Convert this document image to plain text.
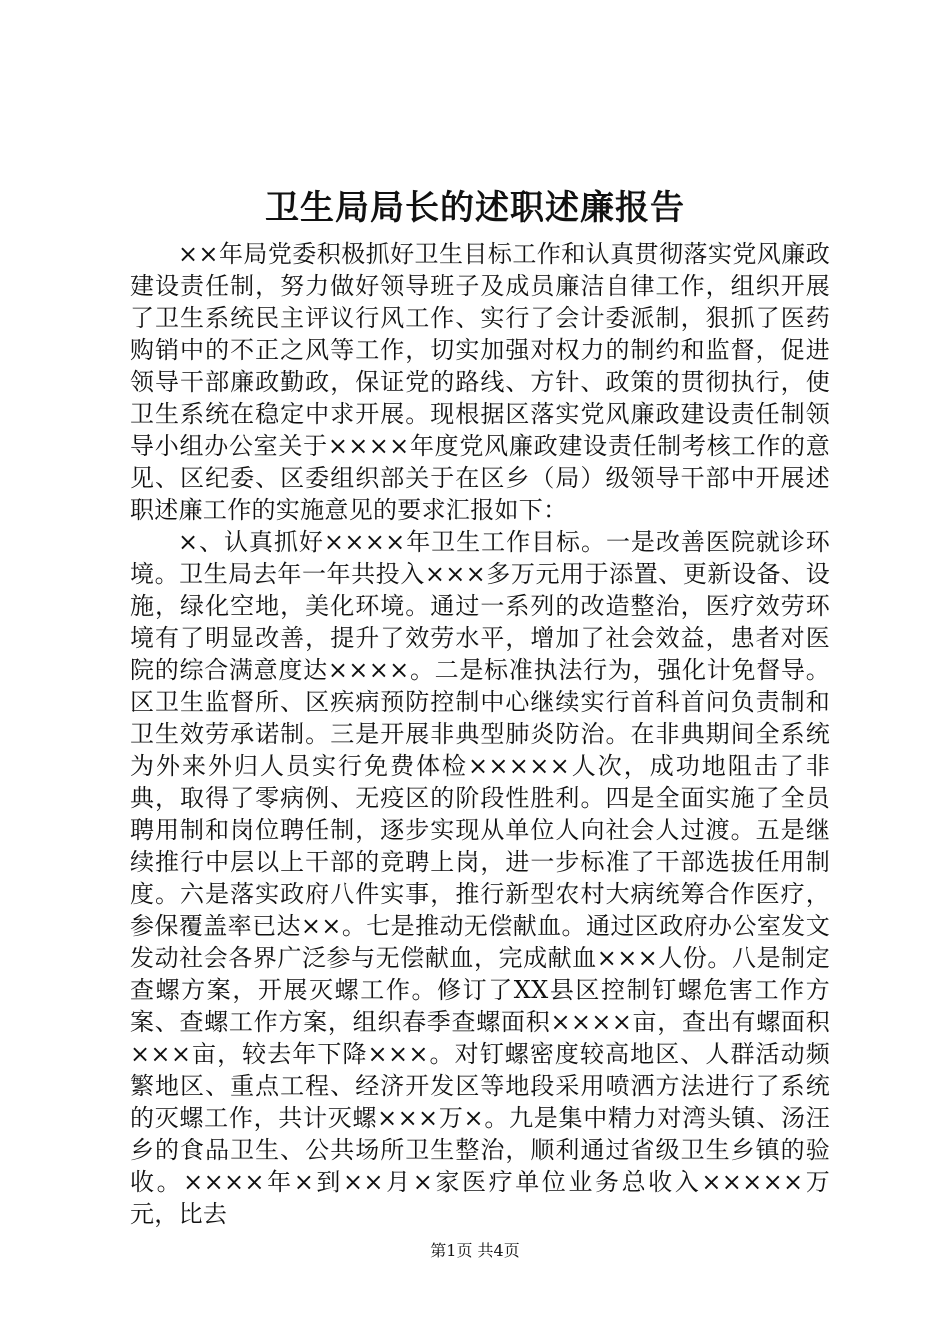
卫生局局长的述职述廉报告

××年局党委积极抓好卫生目标工作和认真贯彻落实党风廉政建设责任制，努力做好领导班子及成员廉洁自律工作，组织开展了卫生系统民主评议行风工作、实行了会计委派制，狠抓了医药购销中的不正之风等工作，切实加强对权力的制约和监督，促进领导干部廉政勤政，保证党的路线、方针、政策的贯彻执行，使卫生系统在稳定中求开展。现根据区落实党风廉政建设责任制领导小组办公室关于××××年度党风廉政建设责任制考核工作的意见、区纪委、区委组织部关于在区乡（局）级领导干部中开展述职述廉工作的实施意见的要求汇报如下：

×、认真抓好××××年卫生工作目标。一是改善医院就诊环境。卫生局去年一年共投入×××多万元用于添置、更新设备、设施，绿化空地，美化环境。通过一系列的改造整治，医疗效劳环境有了明显改善，提升了效劳水平，增加了社会效益，患者对医院的综合满意度达××××。二是标准执法行为，强化计免督导。区卫生监督所、区疾病预防控制中心继续实行首科首问负责制和卫生效劳承诺制。三是开展非典型肺炎防治。在非典期间全系统为外来外归人员实行免费体检×××××人次，成功地阻击了非典，取得了零病例、无疫区的阶段性胜利。四是全面实施了全员聘用制和岗位聘任制，逐步实现从单位人向社会人过渡。五是继续推行中层以上干部的竞聘上岗，进一步标准了干部选拔任用制度。六是落实政府八件实事，推行新型农村大病统筹合作医疗，参保覆盖率已达××。七是推动无偿献血。通过区政府办公室发文发动社会各界广泛参与无偿献血，完成献血×××人份。八是制定查螺方案，开展灭螺工作。修订了XX县区控制钉螺危害工作方案、查螺工作方案，组织春季查螺面积××××亩，查出有螺面积×××亩，较去年下降×××。对钉螺密度较高地区、人群活动频繁地区、重点工程、经济开发区等地段采用喷洒方法进行了系统的灭螺工作，共计灭螺×××万×。九是集中精力对湾头镇、汤汪乡的食品卫生、公共场所卫生整治，顺利通过省级卫生乡镇的验收。××××年×到××月×家医疗单位业务总收入×××××万元，比去

第1页 共4页
